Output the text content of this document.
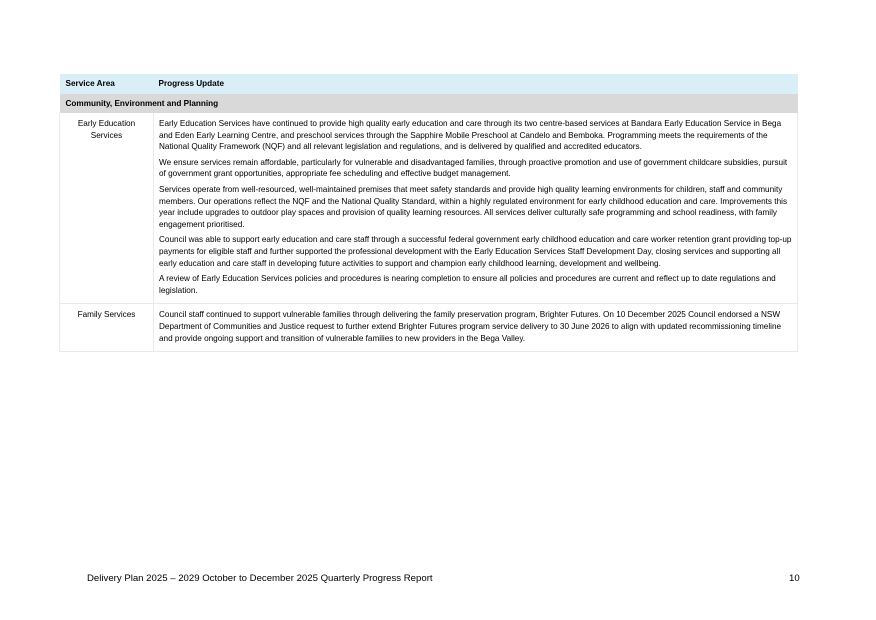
Service Area	Progress Update
Community, Environment and Planning	
Early Education Services	Early Education Services have continued to provide high quality early education and care through its two centre-based services at Bandara Early Education Service in Bega and Eden Early Learning Centre, and preschool services through the Sapphire Mobile Preschool at Candelo and Bemboka. Programming meets the requirements of the National Quality Framework (NQF) and all relevant legislation and regulations, and is delivered by qualified and accredited educators.

We ensure services remain affordable, particularly for vulnerable and disadvantaged families, through proactive promotion and use of government childcare subsidies, pursuit of government grant opportunities, appropriate fee scheduling and effective budget management.

Services operate from well-resourced, well-maintained premises that meet safety standards and provide high quality learning environments for children, staff and community members. Our operations reflect the NQF and the National Quality Standard, within a highly regulated environment for early childhood education and care. Improvements this year include upgrades to outdoor play spaces and provision of quality learning resources. All services deliver culturally safe programming and school readiness, with family engagement prioritised.

Council was able to support early education and care staff through a successful federal government early childhood education and care worker retention grant providing top-up payments for eligible staff and further supported the professional development with the Early Education Services Staff Development Day, closing services and supporting all early education and care staff in developing future activities to support and champion early childhood learning, development and wellbeing.

A review of Early Education Services policies and procedures is nearing completion to ensure all policies and procedures are current and reflect up to date regulations and legislation.

Family Services	Council staff continued to support vulnerable families through delivering the family preservation program, Brighter Futures. On 10 December 2025 Council endorsed a NSW Department of Communities and Justice request to further extend Brighter Futures program service delivery to 30 June 2026 to align with updated recommissioning timeline and provide ongoing support and transition of vulnerable families to new providers in the Bega Valley.

Delivery Plan 2025 – 2029 October to December 2025 Quarterly Progress Report	10
